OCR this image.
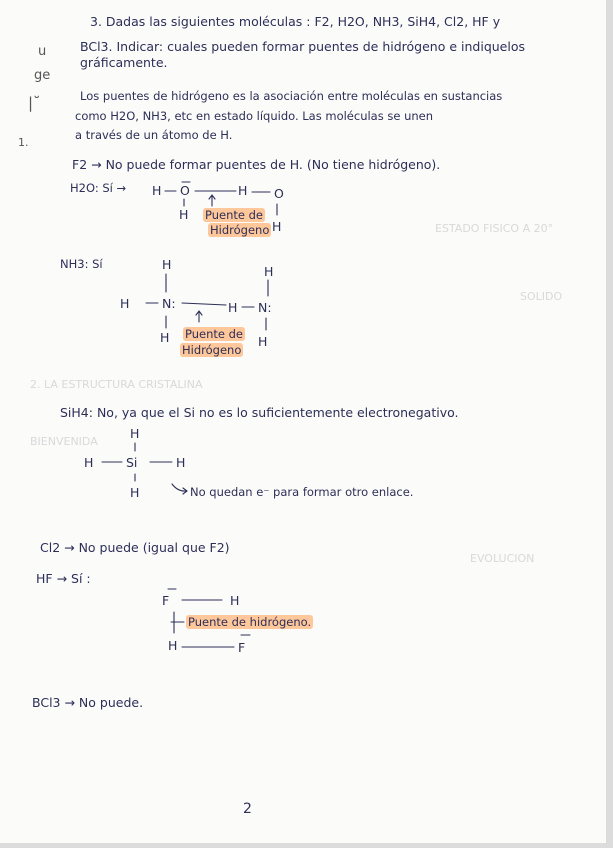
ESTADO FISICO A 20°
SOLIDO
2. LA ESTRUCTURA CRISTALINA
BIENVENIDA
EVOLUCION
u
ge
|˘
1.
3. Dadas las siguientes moléculas : F2, H2O, NH3, SiH4, Cl2, HF y
BCl3. Indicar: cuales pueden formar puentes de hidrógeno e indiquelos
gráficamente.
Los puentes de hidrógeno es la asociación entre moléculas en sustancias
como H2O, NH3, etc en estado líquido. Las moléculas se unen
a través de un átomo de H.
F2 → No puede formar puentes de H. (No tiene hidrógeno).
H2O: Sí → H O
H
H O
H
Puente de
Hidrógeno
NH3: Sí	H
H	N:
H
H N:
H
H
Puente de
Hidrógeno
SiH4: No, ya que el Si no es lo suficientemente electronegativo.
H
H	Si	H
H	No quedan e⁻ para formar otro enlace.
Cl2 → No puede (igual que F2)
HF → Sí :
F	H
H	F
Puente de hidrógeno.
BCl3 → No puede.
2
